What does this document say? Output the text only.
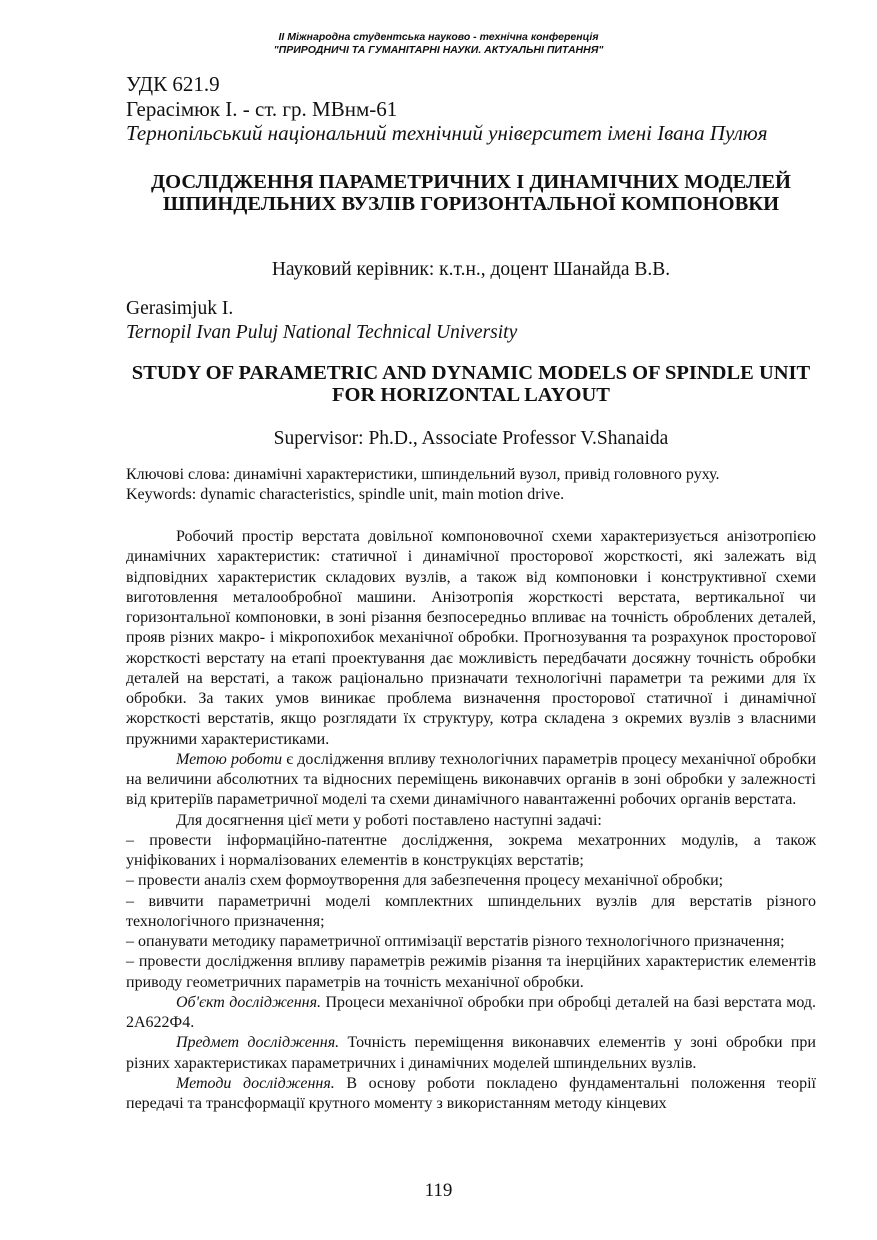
ІІ Міжнародна студентська науково - технічна конференція
"ПРИРОДНИЧІ ТА ГУМАНІТАРНІ НАУКИ. АКТУАЛЬНІ ПИТАННЯ"
УДК 621.9
Герасімюк І. - ст. гр. МВнм-61
Тернопільський національний технічний університет імені Івана Пулюя
ДОСЛІДЖЕННЯ ПАРАМЕТРИЧНИХ І ДИНАМІЧНИХ МОДЕЛЕЙ ШПИНДЕЛЬНИХ ВУЗЛІВ ГОРИЗОНТАЛЬНОЇ КОМПОНОВКИ
Науковий керівник: к.т.н., доцент Шанайда В.В.
Gerasimjuk I.
Ternopil Ivan Puluj National Technical University
STUDY OF PARAMETRIC AND DYNAMIC MODELS OF SPINDLE UNIT FOR HORIZONTAL LAYOUT
Supervisor: Ph.D., Associate Professor V.Shanaida
Ключові слова: динамічні характеристики, шпиндельний вузол, привід головного руху.
Keywords: dynamic characteristics, spindle unit, main motion drive.

Робочий простір верстата довільної компоновочної схеми характеризується анізотропією динамічних характеристик: статичної і динамічної просторової жорсткості, які залежать від відповідних характеристик складових вузлів, а також від компоновки і конструктивної схеми виготовлення металообробної машини. Анізотропія жорсткості верстата, вертикальної чи горизонтальної компоновки, в зоні різання безпосередньо впливає на точність оброблених деталей, прояв різних макро- і мікропохибок механічної обробки. Прогнозування та розрахунок просторової жорсткості верстату на етапі проектування дає можливість передбачати досяжну точність обробки деталей на верстаті, а також раціонально призначати технологічні параметри та режими для їх обробки. За таких умов виникає проблема визначення просторової статичної і динамічної жорсткості верстатів, якщо розглядати їх структуру, котра складена з окремих вузлів з власними пружними характеристиками.

Метою роботи є дослідження впливу технологічних параметрів процесу механічної обробки на величини абсолютних та відносних переміщень виконавчих органів в зоні обробки у залежності від критеріїв параметричної моделі та схеми динамічного навантаженні робочих органів верстата.

Для досягнення цієї мети у роботі поставлено наступні задачі:

– провести інформаційно-патентне дослідження, зокрема мехатронних модулів, а також уніфікованих і нормалізованих елементів в конструкціях верстатів;

– провести аналіз схем формоутворення для забезпечення процесу механічної обробки;

– вивчити параметричні моделі комплектних шпиндельних вузлів для верстатів різного технологічного призначення;

– опанувати методику параметричної оптимізації верстатів різного технологічного призначення;

– провести дослідження впливу параметрів режимів різання та інерційних характеристик елементів приводу геометричних параметрів на точність механічної обробки.

Об'єкт дослідження. Процеси механічної обробки при обробці деталей на базі верстата мод. 2А622Ф4.

Предмет дослідження. Точність переміщення виконавчих елементів у зоні обробки при різних характеристиках параметричних і динамічних моделей шпиндельних вузлів.

Методи дослідження. В основу роботи покладено фундаментальні положення теорії передачі та трансформації крутного моменту з використанням методу кінцевих

119
